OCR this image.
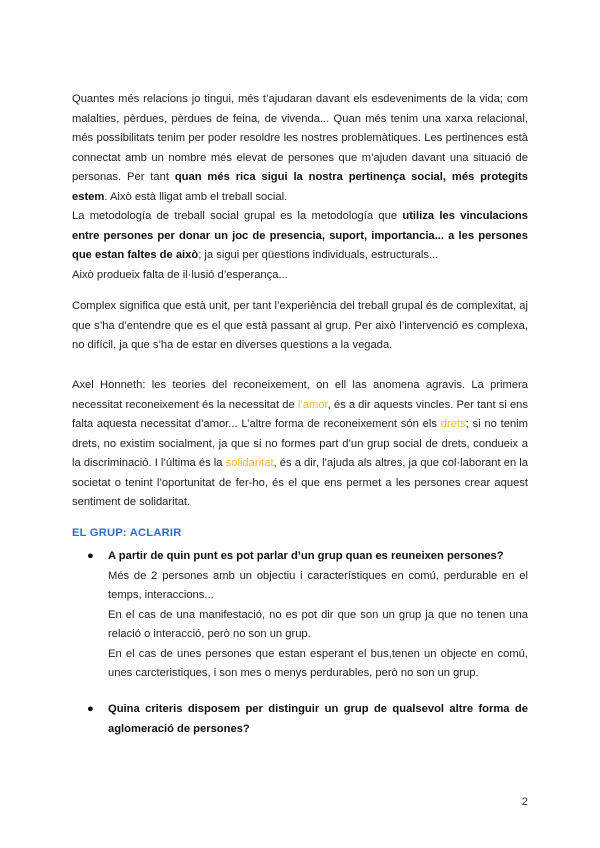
Quantes més relacions jo tingui, més t’ajudaran davant els esdeveniments de la vida; com malalties, pèrdues, pèrdues de feina, de vivenda... Quan més tenim una xarxa relacional, més possibilitats tenim per poder resoldre les nostres problemàtiques. Les pertinences està connectat amb un nombre més elevat de persones que m’ajuden davant una situació de personas. Per tant quan més rica sigui la nostra pertinença social, més protegits estem. Això està lligat amb el treball social.

La metodología de treball social grupal es la metodología que utiliza les vinculacions entre persones per donar un joc de presencia, suport, importancia... a les persones que estan faltes de això; ja sigui per qüestions individuals, estructurals...

Això produeix falta de il·lusió d’esperança...

Complex significa que està unit, per tant l’experiència del treball grupal és de complexitat, aj que s’ha d’entendre que es el que està passant al grup. Per això l’intervenció es complexa, no difícil, ja que s’ha de estar en diverses questions a la vegada.

Axel Honneth: les teories del reconeixement, on ell las anomena agravis. La primera necessitat reconeixement és la necessitat de l’amor, és a dir aquests vincles. Per tant si ens falta aquesta necessitat d’amor... L’altre forma de reconeixement són els drets; si no tenim drets, no existim socialment, ja que si no formes part d’un grup social de drets, condueix a la discriminació. I l’última és la solidaritat, és a dir, l’ajuda als altres, ja que col·laborant en la societat o tenint l’oportunitat de fer-ho, és el que ens permet a les persones crear aquest sentiment de solidaritat.

EL GRUP: ACLARIR
● A partir de quin punt es pot parlar d’un grup quan es reuneixen persones?

Més de 2 persones amb un objectiu i característiques en comú, perdurable en el temps, interaccions...

En el cas de una manifestació, no es pot dir que son un grup ja que no tenen una relació o interacció, però no son un grup.

En el cas de unes persones que estan esperant el bus,tenen un objecte en comú, unes carcteristiques, i son mes o menys perdurables, però no son un grup.

● Quina criteris disposem per distinguir un grup de qualsevol altre forma de aglomeració de persones?
2
